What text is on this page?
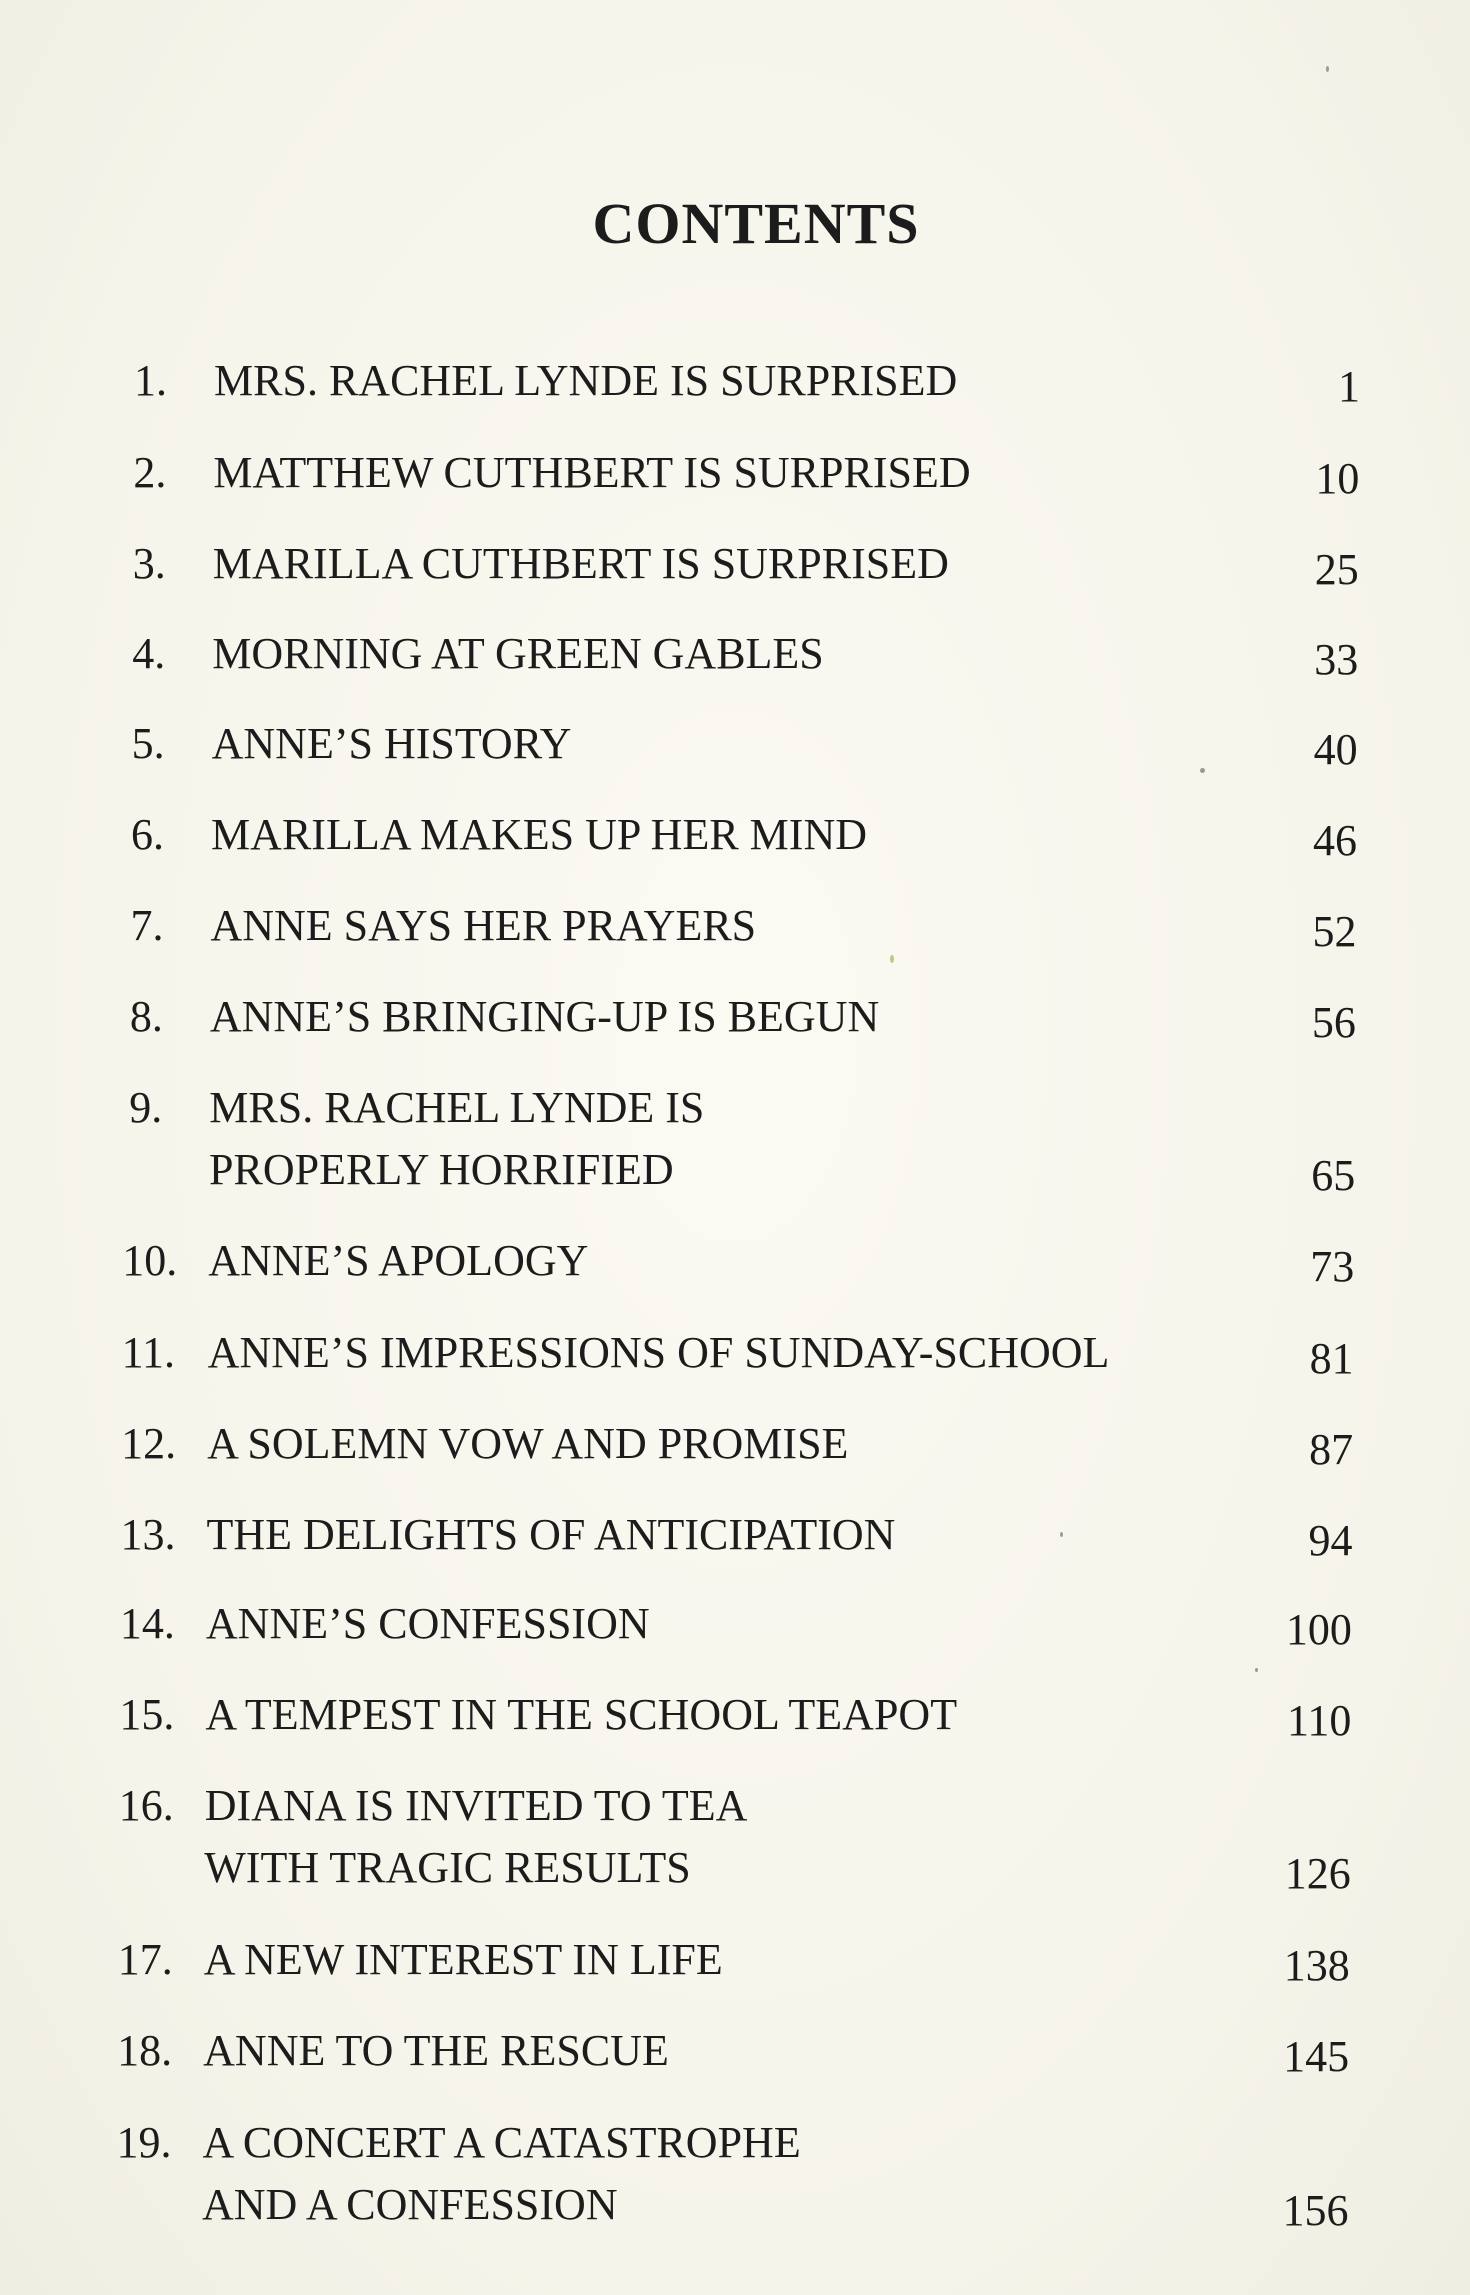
CONTENTS
1. MRS. RACHEL LYNDE IS SURPRISED	1
2. MATTHEW CUTHBERT IS SURPRISED	10
3. MARILLA CUTHBERT IS SURPRISED	25
4. MORNING AT GREEN GABLES	33
5. ANNE’S HISTORY	40
6. MARILLA MAKES UP HER MIND	46
7. ANNE SAYS HER PRAYERS	52
8. ANNE’S BRINGING-UP IS BEGUN	56
9. MRS. RACHEL LYNDE IS
PROPERLY HORRIFIED	65
10. ANNE’S APOLOGY	73
11. ANNE’S IMPRESSIONS OF SUNDAY-SCHOOL	81
12. A SOLEMN VOW AND PROMISE	87
13. THE DELIGHTS OF ANTICIPATION	94
14. ANNE’S CONFESSION	100
15. A TEMPEST IN THE SCHOOL TEAPOT	110
16. DIANA IS INVITED TO TEA
WITH TRAGIC RESULTS	126
17. A NEW INTEREST IN LIFE	138
18. ANNE TO THE RESCUE	145
19. A CONCERT A CATASTROPHE
AND A CONFESSION	156
